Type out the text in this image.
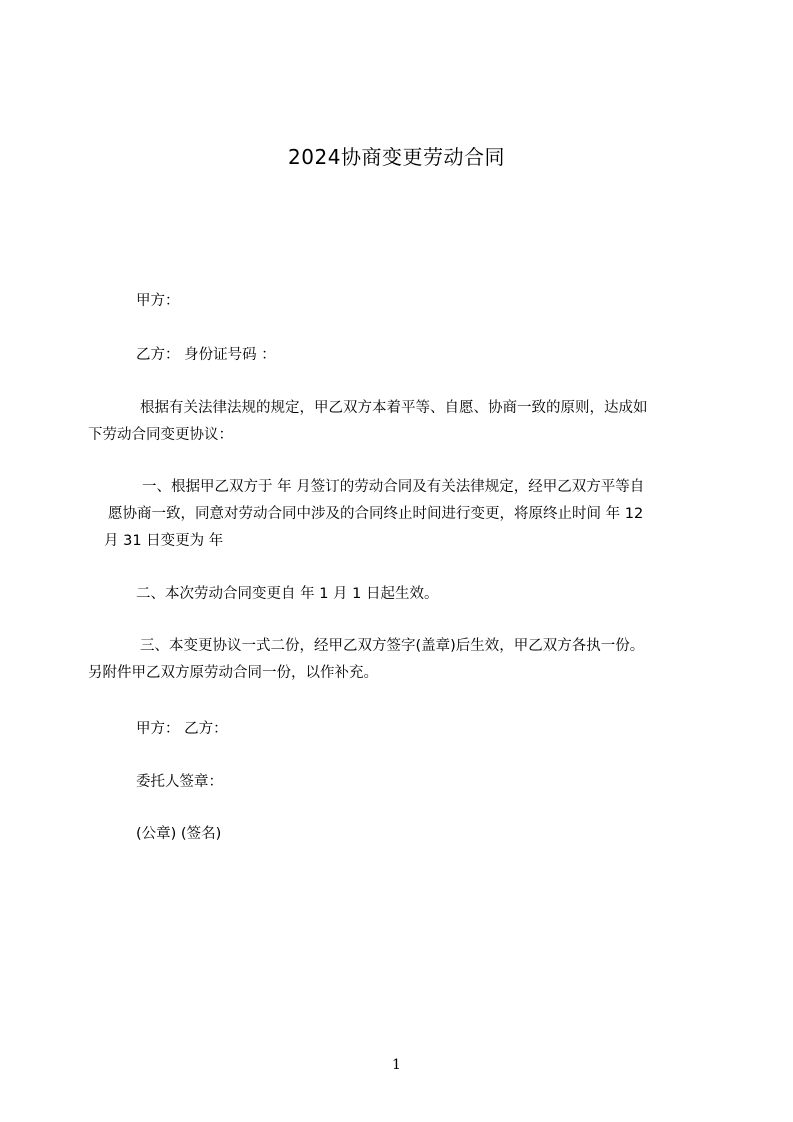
2024协商变更劳动合同
甲方：
乙方： 身份证号码 ：
根据有关法律法规的规定，甲乙双方本着平等、自愿、协商一致的原则，达成如
下劳动合同变更协议：
一、根据甲乙双方于 年 月签订的劳动合同及有关法律规定，经甲乙双方平等自
愿协商一致，同意对劳动合同中涉及的合同终止时间进行变更，将原终止时间 年 12
月 31 日变更为 年
二、本次劳动合同变更自 年 1 月 1 日起生效。
三、本变更协议一式二份，经甲乙双方签字(盖章)后生效，甲乙双方各执一份。
另附件甲乙双方原劳动合同一份，以作补充。
甲方： 乙方：
委托人签章：
(公章) (签名)
1
